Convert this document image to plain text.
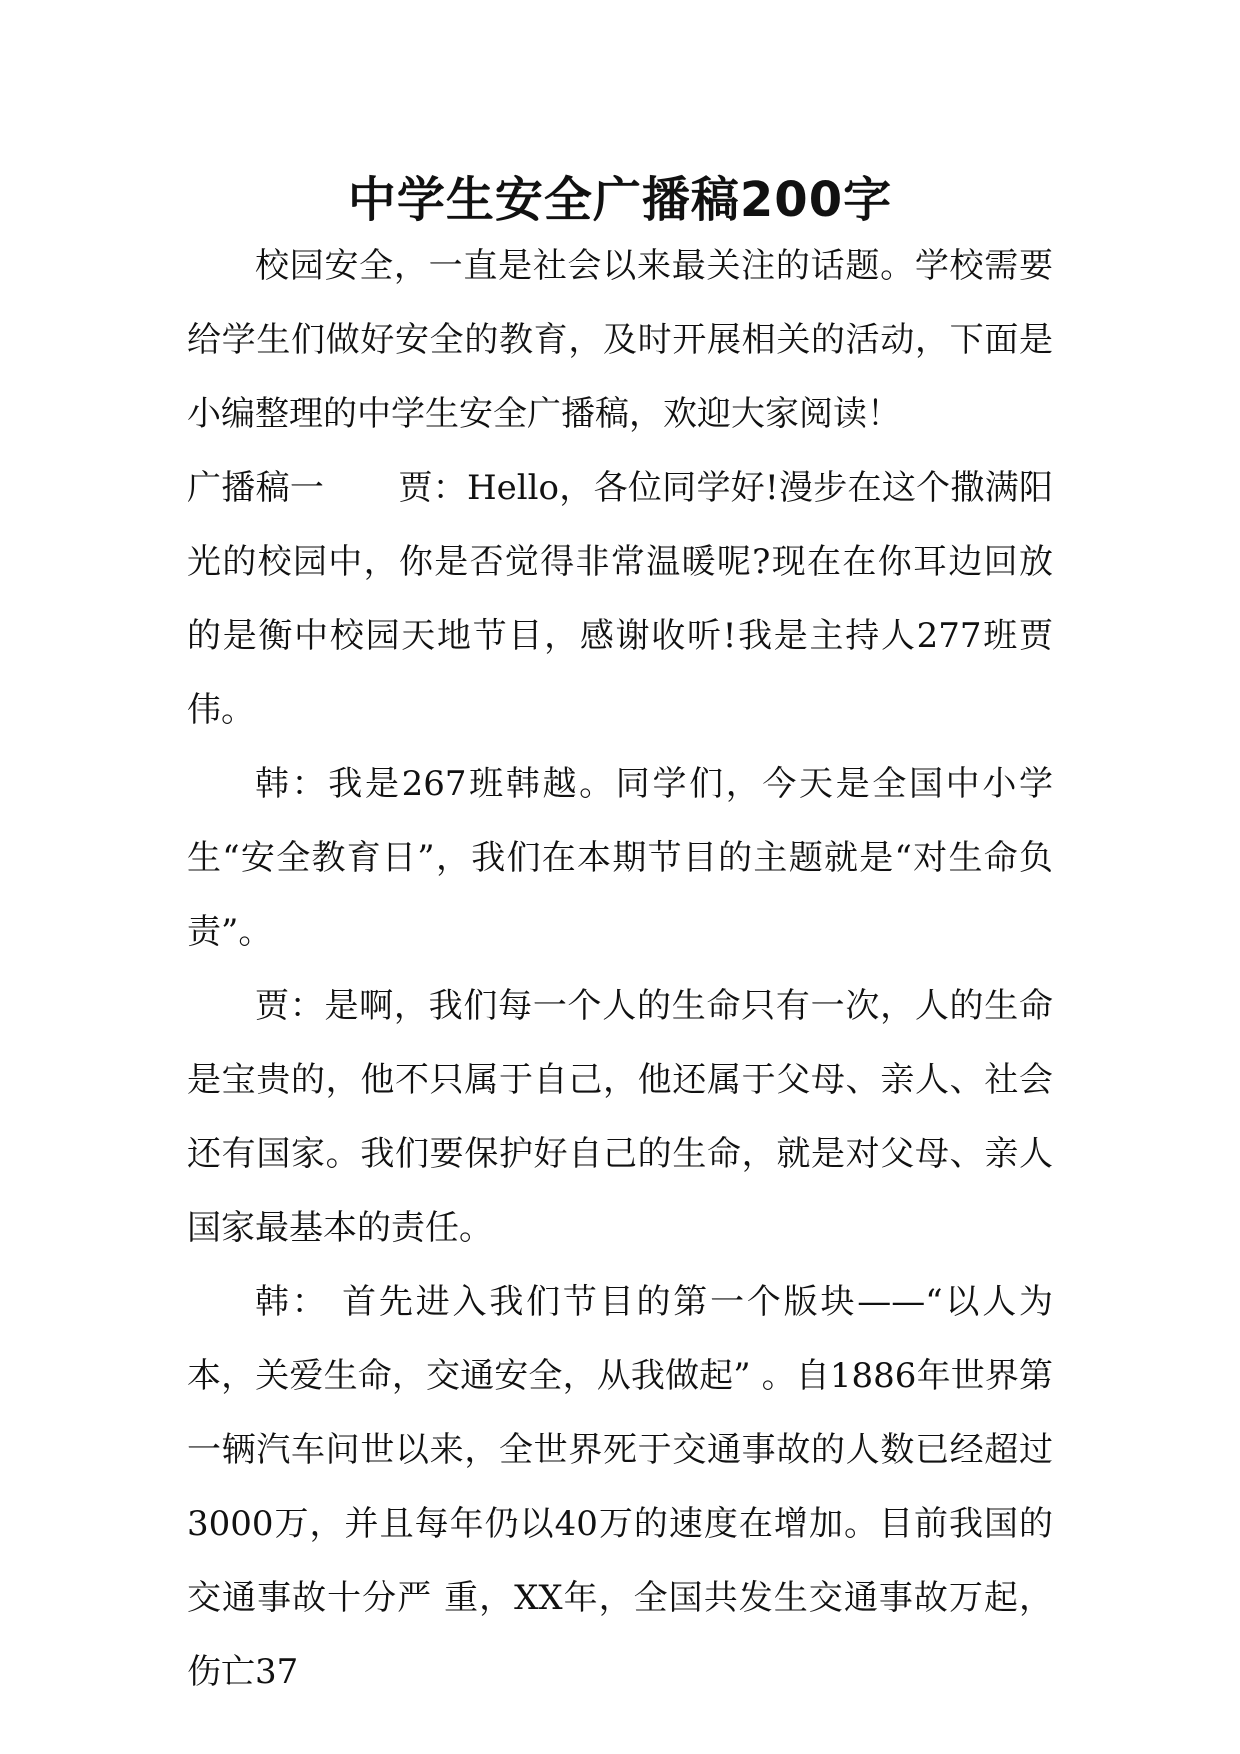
中学生安全广播稿200字

校园安全，一直是社会以来最关注的话题。学校需要给学生们做好安全的教育，及时开展相关的活动，下面是小编整理的中学生安全广播稿，欢迎大家阅读！

广播稿一 贾：Hello，各位同学好!漫步在这个撒满阳光的校园中，你是否觉得非常温暖呢?现在在你耳边回放的是衡中校园天地节目，感谢收听!我是主持人277班贾伟。

韩：我是267班韩越。同学们，今天是全国中小学生“安全教育日”，我们在本期节目的主题就是“对生命负责”。

贾：是啊，我们每一个人的生命只有一次，人的生命是宝贵的，他不只属于自己，他还属于父母、亲人、社会还有国家。我们要保护好自己的生命，就是对父母、亲人国家最基本的责任。

韩： 首先进入我们节目的第一个版块——“以人为本，关爱生命，交通安全，从我做起” 。自1886年世界第一辆汽车问世以来，全世界死于交通事故的人数已经超过3000万，并且每年仍以40万的速度在增加。目前我国的交通事故十分严 重，XX年，全国共发生交通事故万起，伤亡37
